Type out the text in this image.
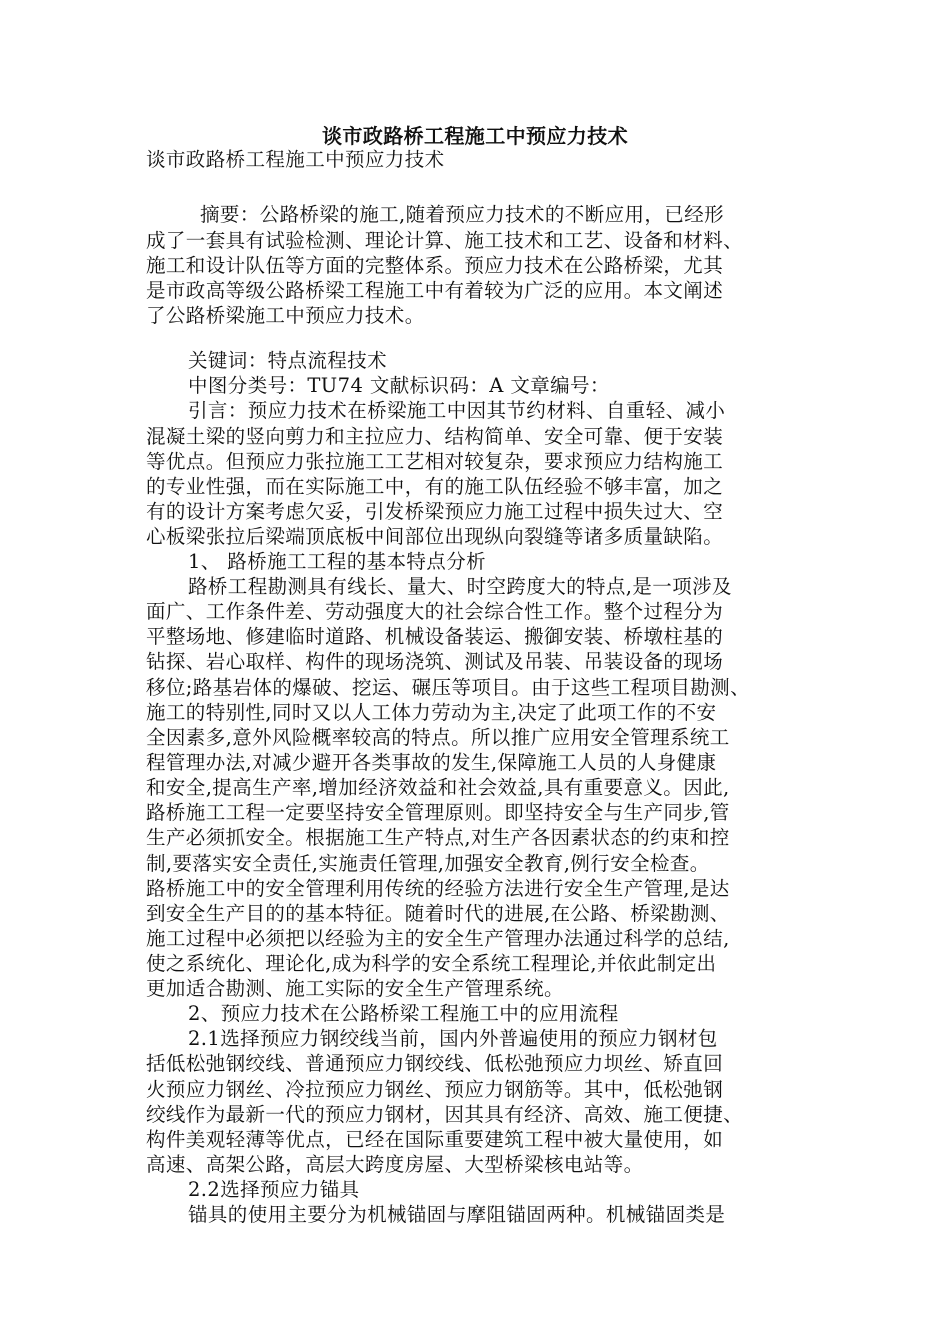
谈市政路桥工程施工中预应力技术
谈市政路桥工程施工中预应力技术
摘要：公路桥梁的施工,随着预应力技术的不断应用，已经形
成了一套具有试验检测、理论计算、施工技术和工艺、设备和材料、
施工和设计队伍等方面的完整体系。预应力技术在公路桥梁，尤其
是市政高等级公路桥梁工程施工中有着较为广泛的应用。本文阐述
了公路桥梁施工中预应力技术。
关键词：特点流程技术
中图分类号：TU74 文献标识码：A 文章编号：
引言：预应力技术在桥梁施工中因其节约材料、自重轻、减小
混凝土梁的竖向剪力和主拉应力、结构简单、安全可靠、便于安装
等优点。但预应力张拉施工工艺相对较复杂，要求预应力结构施工
的专业性强，而在实际施工中，有的施工队伍经验不够丰富，加之
有的设计方案考虑欠妥，引发桥梁预应力施工过程中损失过大、空
心板梁张拉后梁端顶底板中间部位出现纵向裂缝等诸多质量缺陷。
1、 路桥施工工程的基本特点分析
路桥工程勘测具有线长、量大、时空跨度大的特点,是一项涉及
面广、工作条件差、劳动强度大的社会综合性工作。整个过程分为
平整场地、修建临时道路、机械设备装运、搬御安装、桥墩柱基的
钻探、岩心取样、构件的现场浇筑、测试及吊装、吊装设备的现场
移位;路基岩体的爆破、挖运、碾压等项目。由于这些工程项目勘测、
施工的特别性,同时又以人工体力劳动为主,决定了此项工作的不安
全因素多,意外风险概率较高的特点。所以推广应用安全管理系统工
程管理办法,对减少避开各类事故的发生,保障施工人员的人身健康
和安全,提高生产率,增加经济效益和社会效益,具有重要意义。因此,
路桥施工工程一定要坚持安全管理原则。即坚持安全与生产同步,管
生产必须抓安全。根据施工生产特点,对生产各因素状态的约束和控
制,要落实安全责任,实施责任管理,加强安全教育,例行安全检查。
路桥施工中的安全管理利用传统的经验方法进行安全生产管理,是达
到安全生产目的的基本特征。随着时代的进展,在公路、桥梁勘测、
施工过程中必须把以经验为主的安全生产管理办法通过科学的总结,
使之系统化、理论化,成为科学的安全系统工程理论,并依此制定出
更加适合勘测、施工实际的安全生产管理系统。
2、预应力技术在公路桥梁工程施工中的应用流程
2.1选择预应力钢绞线当前，国内外普遍使用的预应力钢材包
括低松弛钢绞线、普通预应力钢绞线、低松弛预应力坝丝、矫直回
火预应力钢丝、冷拉预应力钢丝、预应力钢筋等。其中，低松弛钢
绞线作为最新一代的预应力钢材，因其具有经济、高效、施工便捷、
构件美观轻薄等优点，已经在国际重要建筑工程中被大量使用，如
高速、高架公路，高层大跨度房屋、大型桥梁核电站等。
2.2选择预应力锚具
锚具的使用主要分为机械锚固与摩阻锚固两种。机械锚固类是
